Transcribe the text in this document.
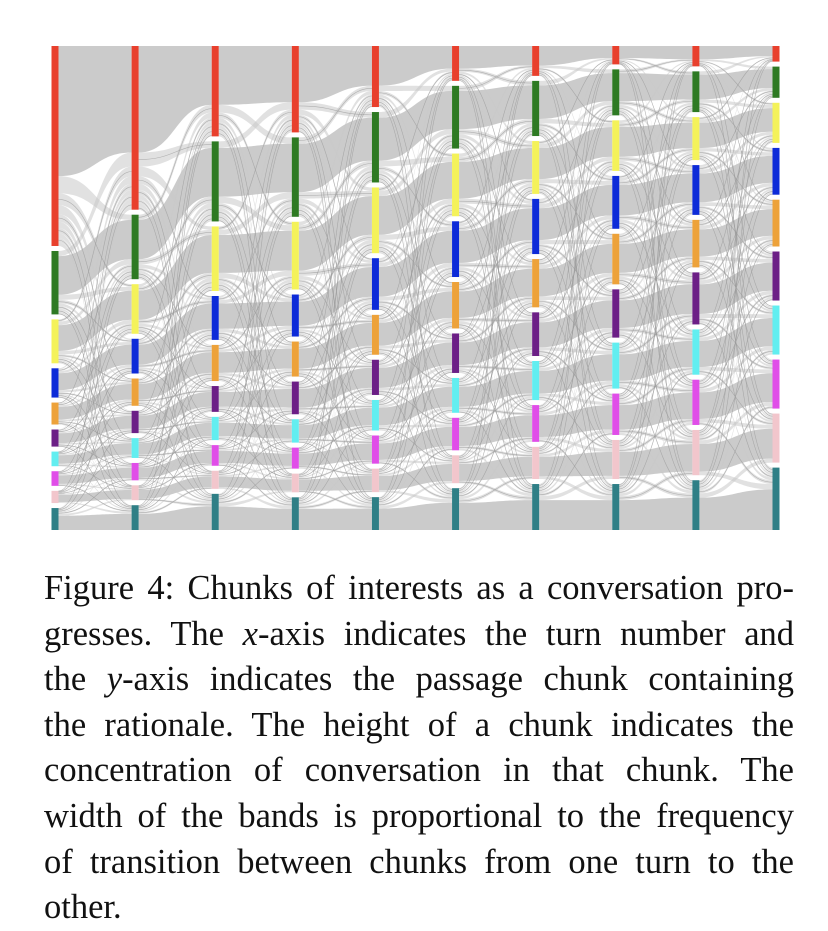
Figure 4: Chunks of interests as a conversation pro-
gresses. The x-axis indicates the turn number and
the y-axis indicates the passage chunk containing
the rationale. The height of a chunk indicates the
concentration of conversation in that chunk. The
width of the bands is proportional to the frequency
of transition between chunks from one turn to the
other.
